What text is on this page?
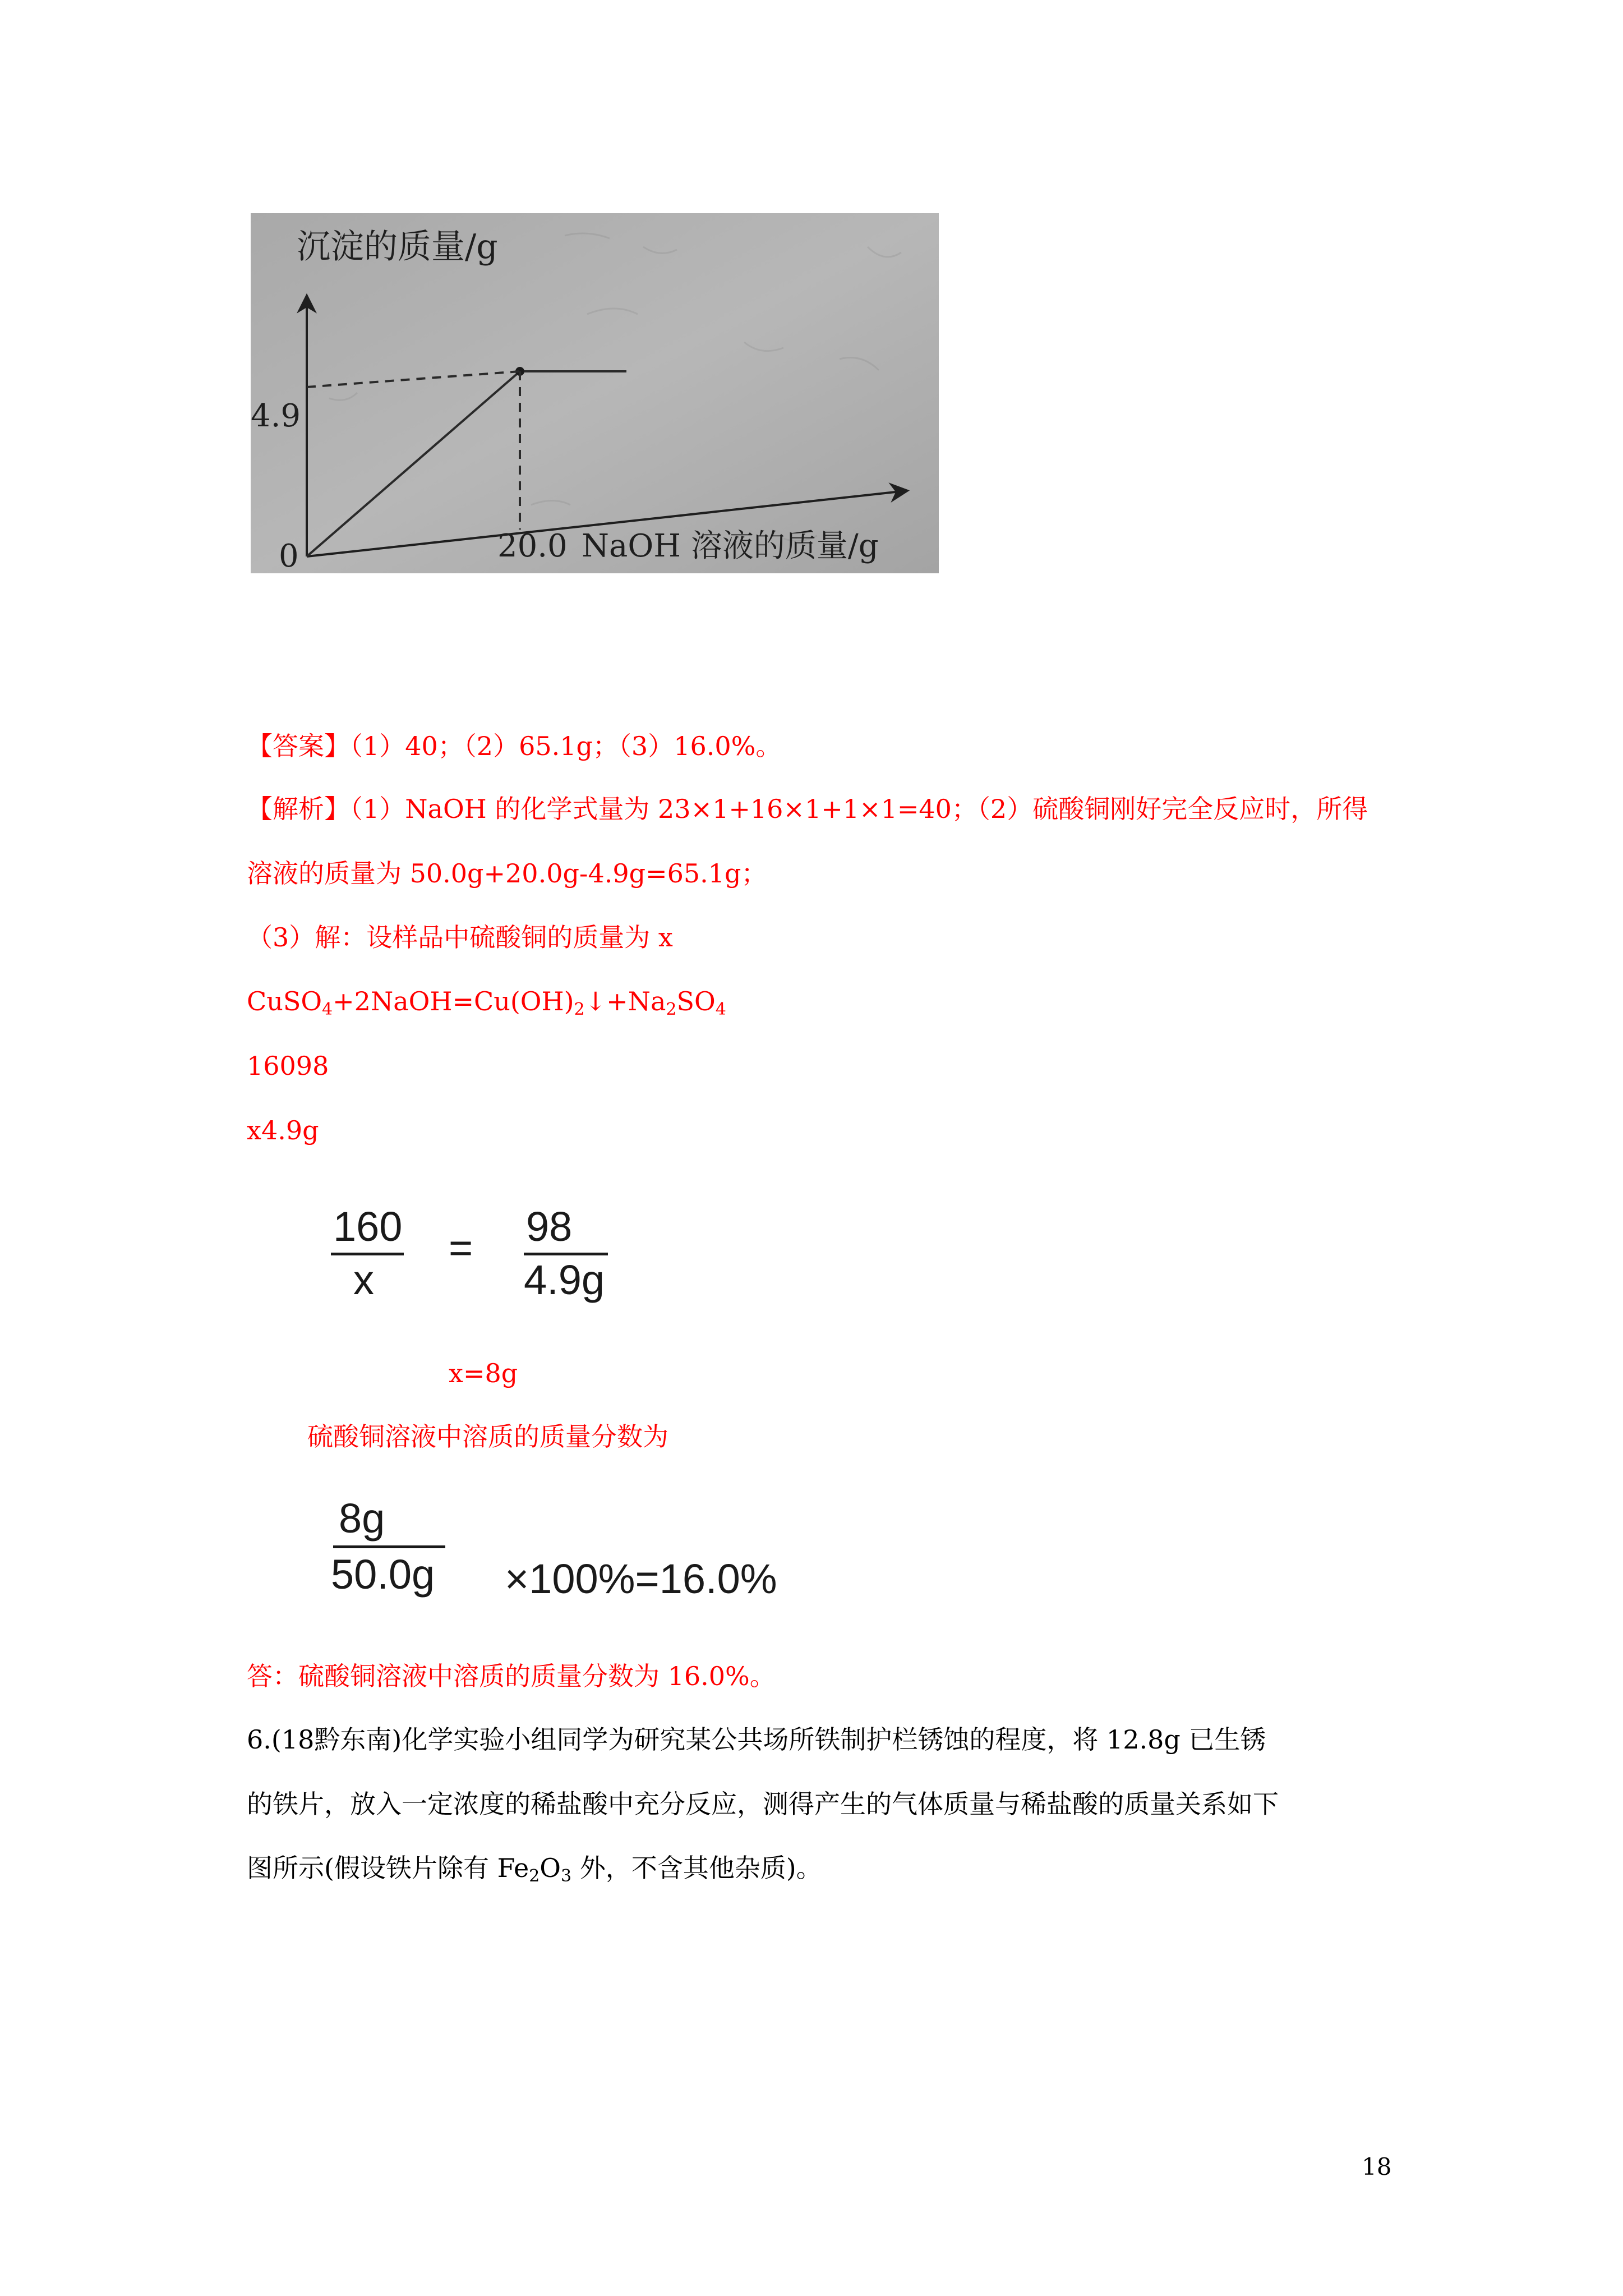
沉淀的质量/g
4.9
0	20.0 NaOH 溶液的质量/g
【答案】（1）40；（2）65.1g；（3）16.0%。
【解析】（1）NaOH 的化学式量为 23×1+16×1+1×1=40；（2）硫酸铜刚好完全反应时，所得
溶液的质量为 50.0g+20.0g-4.9g=65.1g；
（3）解：设样品中硫酸铜的质量为 x
$CuSO_4+2NaOH=Cu(OH)_2↓+Na_2SO_4$
16098
x4.9g
160
x
= 98
4.9g
x=8g
硫酸铜溶液中溶质的质量分数为
8g
50.0g ×100%=16.0%
答：硫酸铜溶液中溶质的质量分数为 16.0%。
6.(18黔东南)化学实验小组同学为研究某公共场所铁制护栏锈蚀的程度，将 12.8g 已生锈
的铁片，放入一定浓度的稀盐酸中充分反应，测得产生的气体质量与稀盐酸的质量关系如下
图所示(假设铁片除有 $Fe_2O_3$ 外，不含其他杂质)。
18
